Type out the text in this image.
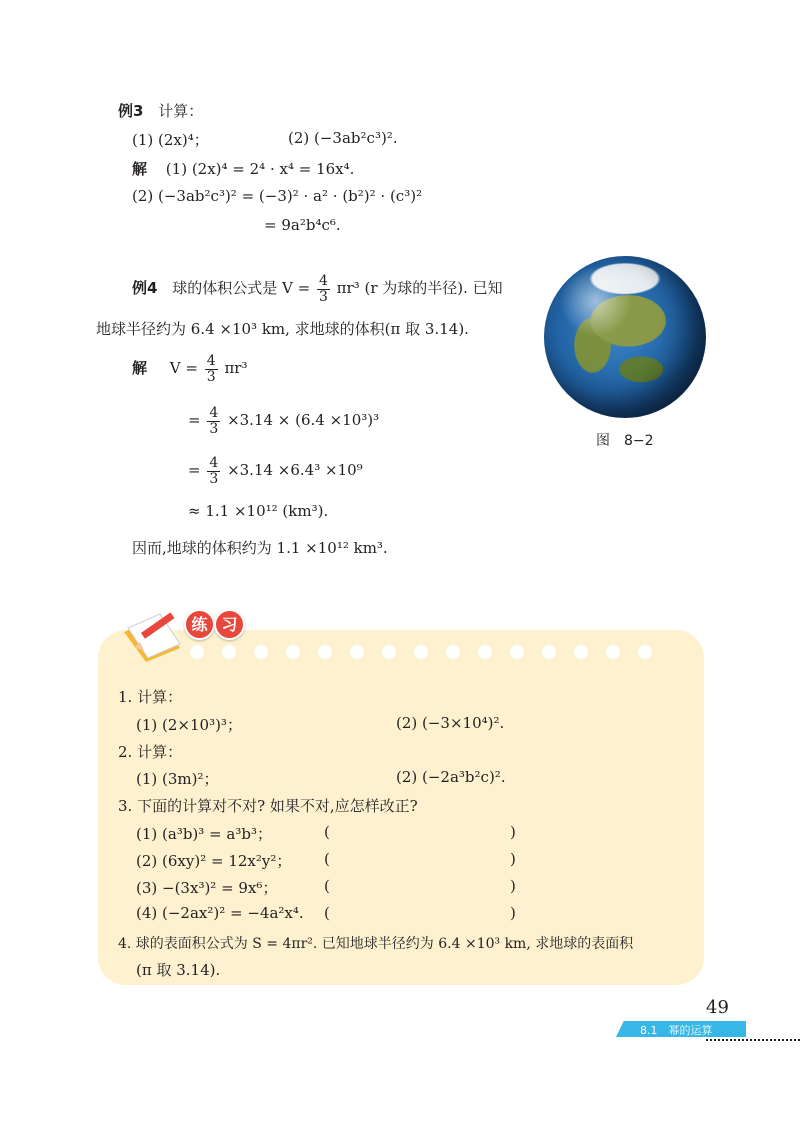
例3 计算：
(1) (2x)⁴；	(2) (−3ab²c³)².
解 (1) (2x)⁴ = 2⁴ · x⁴ = 16x⁴.
(2) (−3ab²c³)² = (−3)² · a² · (b²)² · (c³)²
= 9a²b⁴c⁶.
例4 球的体积公式是 $V = \frac{4}{3} \pi r^3$ (r 为球的半径). 已知
地球半径约为 6.4 ×10³ km, 求地球的体积(π 取 3.14).
解 $V = \frac{4}{3} \pi r^3$
= $\frac{4}{3} \times 3.14 \times (6.4 \times 10^3)^3$
= $\frac{4}{3} \times 3.14 \times 6.4^3 \times 10^9$
≈ 1.1 ×10¹² (km³).
因而,地球的体积约为 1.1 ×10¹² km³.
图　8−2
练 习
1. 计算：
(1) (2×10³)³；	(2) (−3×10⁴)².
2. 计算：
(1) (3m)²；	(2) (−2a³b²c)².
3. 下面的计算对不对? 如果不对,应怎样改正?
(1) (a³b)³ = a³b³；	(	)
(2) (6xy)² = 12x²y²； (	)
(3) −(3x³)² = 9x⁶；	(	)
(4) (−2ax²)² = −4a²x⁴. (	)
4. 球的表面积公式为 S = 4πr². 已知地球半径约为 6.4 ×10³ km, 求地球的表面积
(π 取 3.14).
49
8.1　幂的运算
